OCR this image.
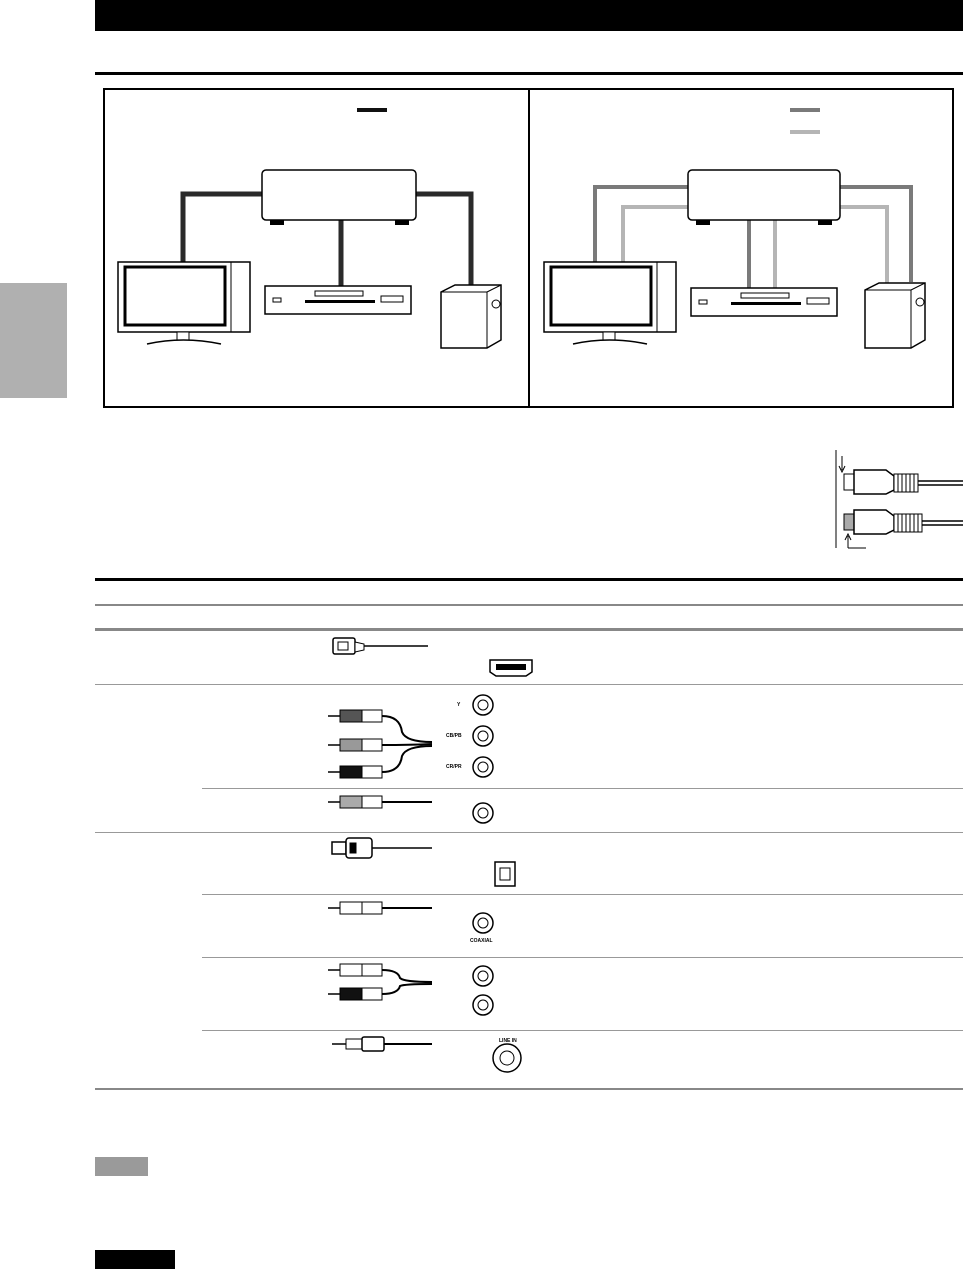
Y
CB/PB
CR/PR
COAXIAL
LINE IN
